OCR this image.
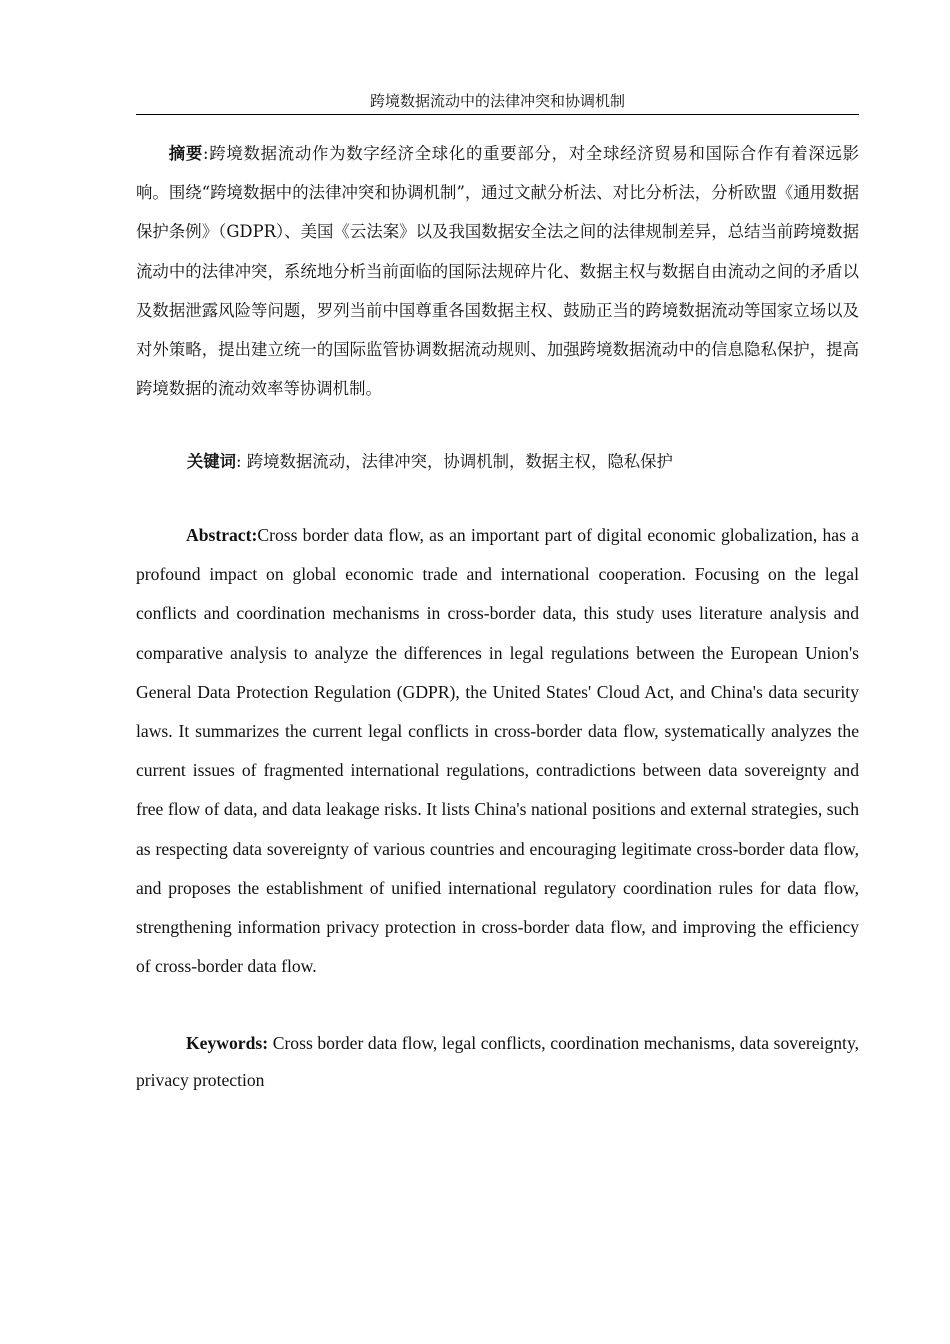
跨境数据流动中的法律冲突和协调机制

摘要:跨境数据流动作为数字经济全球化的重要部分，对全球经济贸易和国际合作有着深远影响。围绕“跨境数据中的法律冲突和协调机制”，通过文献分析法、对比分析法，分析欧盟《通用数据保护条例》（GDPR）、美国《云法案》以及我国数据安全法之间的法律规制差异，总结当前跨境数据流动中的法律冲突，系统地分析当前面临的国际法规碎片化、数据主权与数据自由流动之间的矛盾以及数据泄露风险等问题，罗列当前中国尊重各国数据主权、鼓励正当的跨境数据流动等国家立场以及对外策略，提出建立统一的国际监管协调数据流动规则、加强跨境数据流动中的信息隐私保护，提高跨境数据的流动效率等协调机制。

关键词: 跨境数据流动，法律冲突，协调机制，数据主权，隐私保护

Abstract:Cross border data flow, as an important part of digital economic globalization, has a profound impact on global economic trade and international cooperation. Focusing on the legal conflicts and coordination mechanisms in cross-border data, this study uses literature analysis and comparative analysis to analyze the differences in legal regulations between the European Union's General Data Protection Regulation (GDPR), the United States' Cloud Act, and China's data security laws. It summarizes the current legal conflicts in cross-border data flow, systematically analyzes the current issues of fragmented international regulations, contradictions between data sovereignty and free flow of data, and data leakage risks. It lists China's national positions and external strategies, such as respecting data sovereignty of various countries and encouraging legitimate cross-border data flow, and proposes the establishment of unified international regulatory coordination rules for data flow, strengthening information privacy protection in cross-border data flow, and improving the efficiency of cross-border data flow.

Keywords: Cross border data flow, legal conflicts, coordination mechanisms, data sovereignty, privacy protection
